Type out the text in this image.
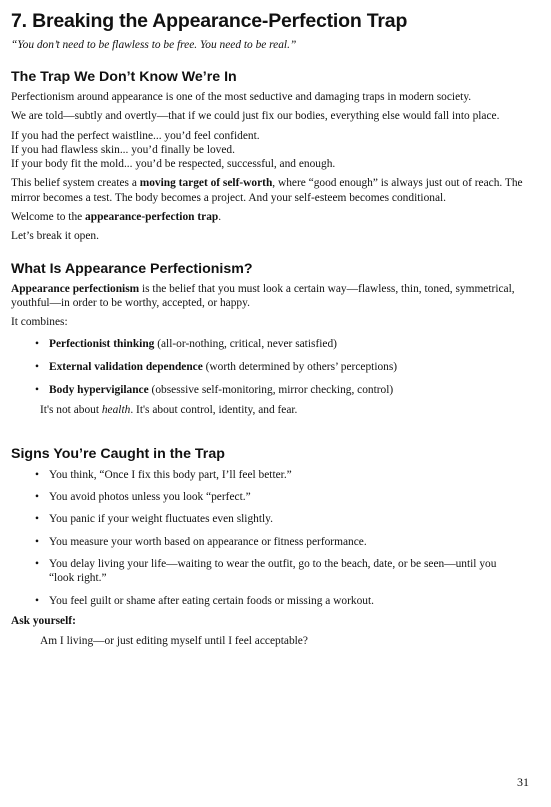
7. Breaking the Appearance-Perfection Trap

“You don’t need to be flawless to be free. You need to be real.”

The Trap We Don’t Know We’re In

Perfectionism around appearance is one of the most seductive and damaging traps in modern society.

We are told—subtly and overtly—that if we could just fix our bodies, everything else would fall into place.

If you had the perfect waistline... you’d feel confident.
If you had flawless skin... you’d finally be loved.
If your body fit the mold... you’d be respected, successful, and enough.

This belief system creates a moving target of self-worth, where “good enough” is always just out of reach. The mirror becomes a test. The body becomes a project. And your self-esteem becomes conditional.

Welcome to the appearance-perfection trap.

Let’s break it open.

What Is Appearance Perfectionism?

Appearance perfectionism is the belief that you must look a certain way—flawless, thin, toned, symmetrical, youthful—in order to be worthy, accepted, or happy.

It combines:

• Perfectionist thinking (all-or-nothing, critical, never satisfied)
• External validation dependence (worth determined by others’ perceptions)
• Body hypervigilance (obsessive self-monitoring, mirror checking, control)

It's not about health. It's about control, identity, and fear.

Signs You’re Caught in the Trap
• You think, “Once I fix this body part, I’ll feel better.”
• You avoid photos unless you look “perfect.”
• You panic if your weight fluctuates even slightly.
• You measure your worth based on appearance or fitness performance.
• You delay living your life—waiting to wear the outfit, go to the beach, date, or be seen—until you “look right.”
• You feel guilt or shame after eating certain foods or missing a workout.

Ask yourself:

Am I living—or just editing myself until I feel acceptable?

31
